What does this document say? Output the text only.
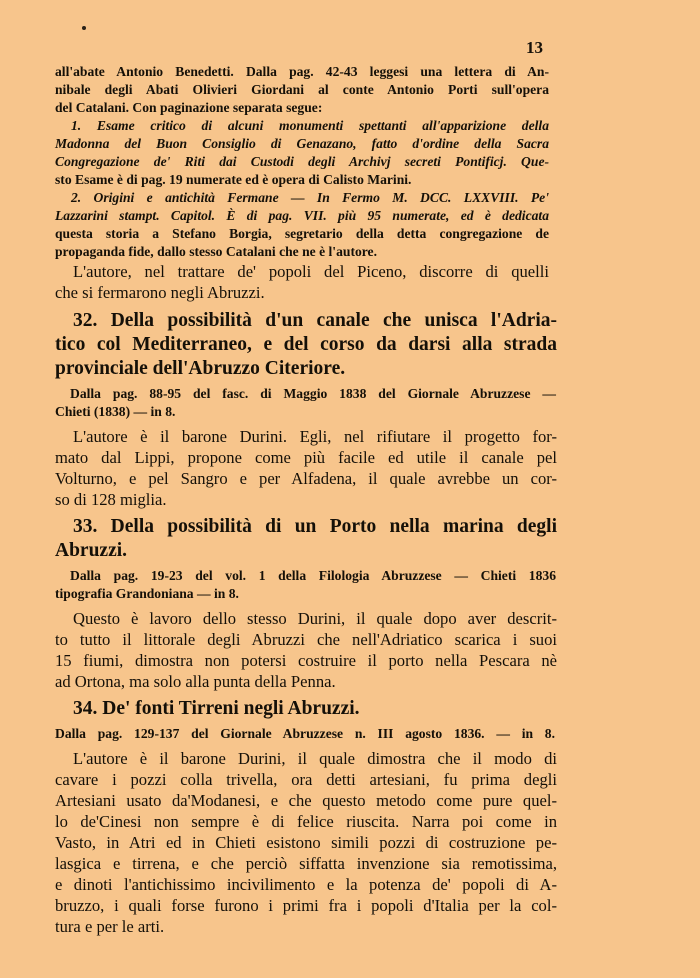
13
all'abate Antonio Benedetti. Dalla pag. 42-43 leggesi una lettera di An-
nibale degli Abati Olivieri Giordani al conte Antonio Porti sull'opera
del Catalani. Con paginazione separata segue:
1. Esame critico di alcuni monumenti spettanti all'apparizione della
Madonna del Buon Consiglio di Genazano, fatto d'ordine della Sacra
Congregazione de' Riti dai Custodi degli Archivj secreti Pontificj. Que-
sto Esame è di pag. 19 numerate ed è opera di Calisto Marini.
2. Origini e antichità Fermane — In Fermo M. DCC. LXXVIII. Pe'
Lazzarini stampt. Capitol. È di pag. VII. più 95 numerate, ed è dedicata
questa storia a Stefano Borgia, segretario della detta congregazione de
propaganda fide, dallo stesso Catalani che ne è l'autore.
L'autore, nel trattare de' popoli del Piceno, discorre di quelli
che si fermarono negli Abruzzi.
32. Della possibilità d'un canale che unisca l'Adria-
tico col Mediterraneo, e del corso da darsi alla strada
provinciale dell'Abruzzo Citeriore.
Dalla pag. 88-95 del fasc. di Maggio 1838 del Giornale Abruzzese —
Chieti (1838) — in 8.
L'autore è il barone Durini. Egli, nel rifiutare il progetto for-
mato dal Lippi, propone come più facile ed utile il canale pel
Volturno, e pel Sangro e per Alfadena, il quale avrebbe un cor-
so di 128 miglia.
33. Della possibilità di un Porto nella marina degli
Abruzzi.
Dalla pag. 19-23 del vol. 1 della Filologia Abruzzese — Chieti 1836
tipografia Grandoniana — in 8.
Questo è lavoro dello stesso Durini, il quale dopo aver descrit-
to tutto il littorale degli Abruzzi che nell'Adriatico scarica i suoi
15 fiumi, dimostra non potersi costruire il porto nella Pescara nè
ad Ortona, ma solo alla punta della Penna.
34. De' fonti Tirreni negli Abruzzi.
Dalla pag. 129-137 del Giornale Abruzzese n. III agosto 1836. — in 8.
L'autore è il barone Durini, il quale dimostra che il modo di
cavare i pozzi colla trivella, ora detti artesiani, fu prima degli
Artesiani usato da'Modanesi, e che questo metodo come pure quel-
lo de'Cinesi non sempre è di felice riuscita. Narra poi come in
Vasto, in Atri ed in Chieti esistono simili pozzi di costruzione pe-
lasgica e tirrena, e che perciò siffatta invenzione sia remotissima,
e dinoti l'antichissimo incivilimento e la potenza de' popoli di A-
bruzzo, i quali forse furono i primi fra i popoli d'Italia per la col-
tura e per le arti.
